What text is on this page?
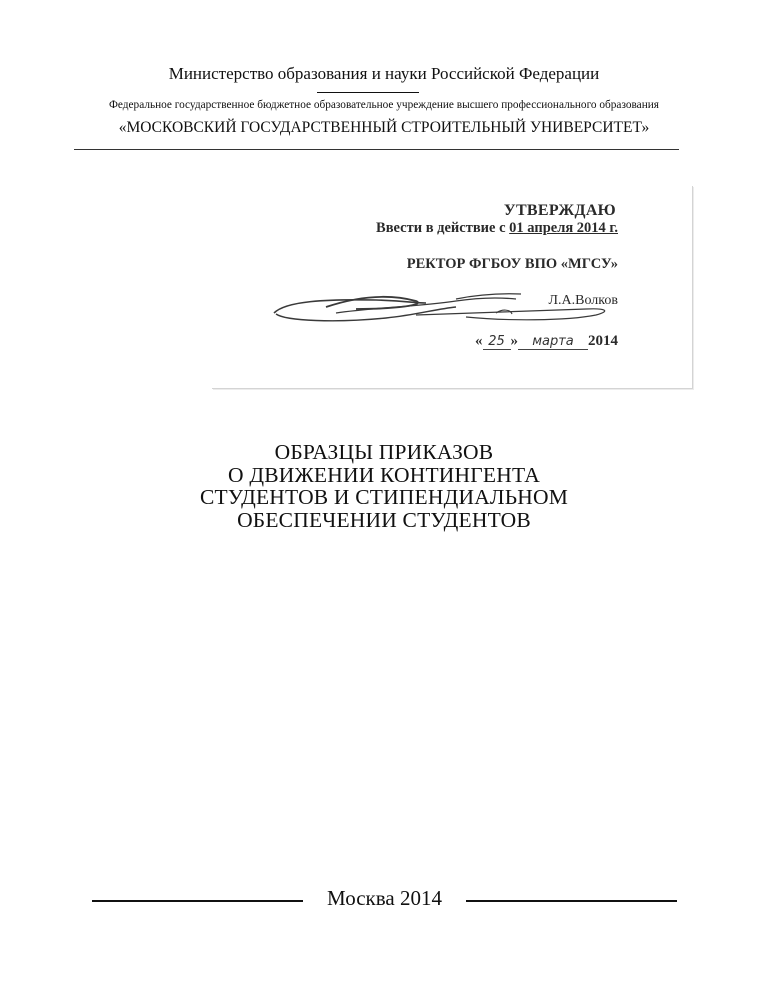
Министерство образования и науки Российской Федерации
Федеральное государственное бюджетное образовательное учреждение высшего профессионального образования
«МОСКОВСКИЙ ГОСУДАРСТВЕННЫЙ СТРОИТЕЛЬНЫЙ УНИВЕРСИТЕТ»
УТВЕРЖДАЮ
Ввести в действие с 01 апреля 2014 г.
РЕКТОР ФГБОУ ВПО «МГСУ»
Л.А.Волков
« 25 » марта 2014
ОБРАЗЦЫ ПРИКАЗОВ
О ДВИЖЕНИИ КОНТИНГЕНТА
СТУДЕНТОВ И СТИПЕНДИАЛЬНОМ
ОБЕСПЕЧЕНИИ СТУДЕНТОВ
Москва 2014
